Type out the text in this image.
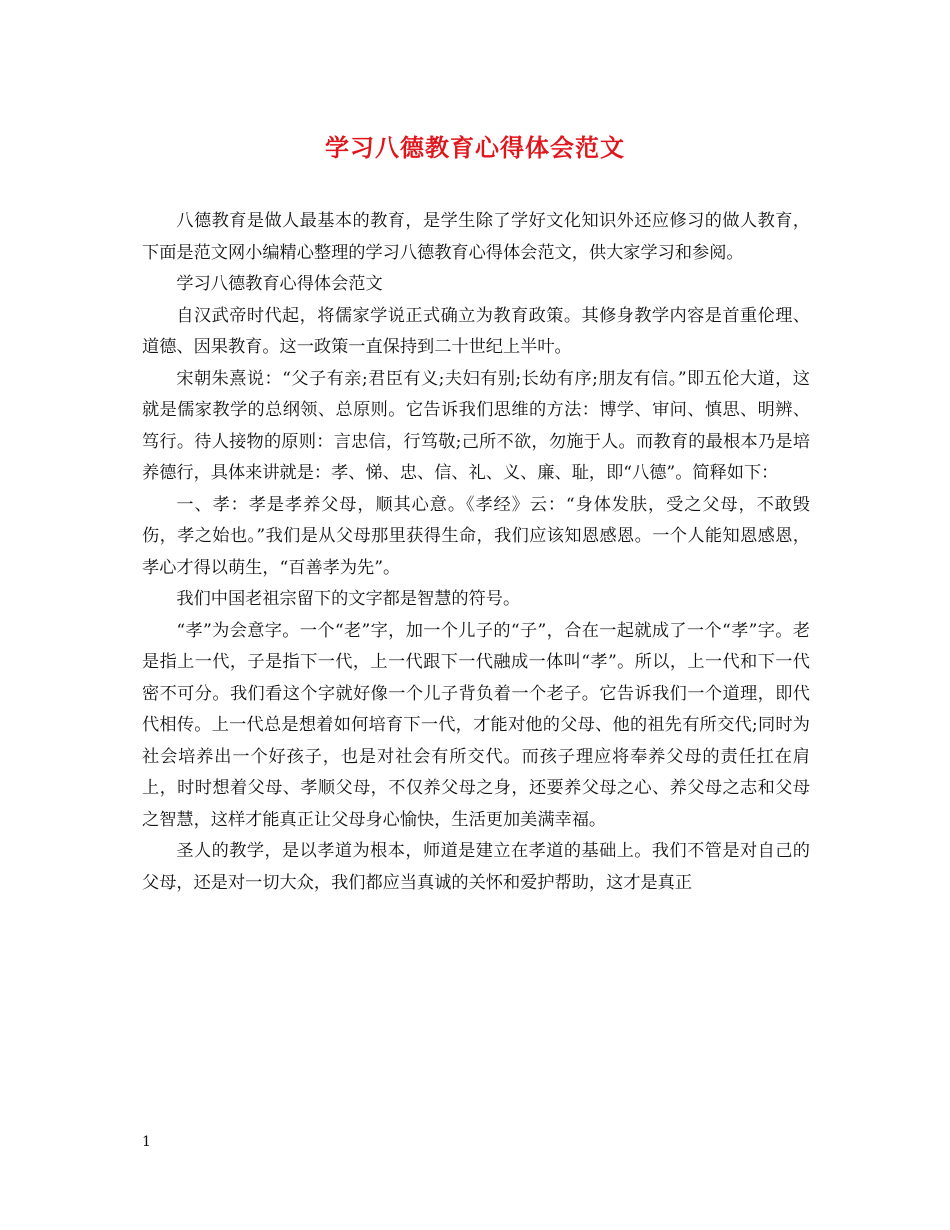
学习八德教育心得体会范文

八德教育是做人最基本的教育，是学生除了学好文化知识外还应修习的做人教育，下面是范文网小编精心整理的学习八德教育心得体会范文，供大家学习和参阅。

学习八德教育心得体会范文

自汉武帝时代起，将儒家学说正式确立为教育政策。其修身教学内容是首重伦理、道德、因果教育。这一政策一直保持到二十世纪上半叶。

宋朝朱熹说：“父子有亲;君臣有义;夫妇有别;长幼有序;朋友有信。”即五伦大道，这就是儒家教学的总纲领、总原则。它告诉我们思维的方法：博学、审问、慎思、明辨、笃行。待人接物的原则：言忠信，行笃敬;己所不欲，勿施于人。而教育的最根本乃是培养德行，具体来讲就是：孝、悌、忠、信、礼、义、廉、耻，即“八德”。简释如下：

一、孝：孝是孝养父母，顺其心意。《孝经》云：“身体发肤，受之父母，不敢毁伤，孝之始也。”我们是从父母那里获得生命，我们应该知恩感恩。一个人能知恩感恩，孝心才得以萌生，“百善孝为先”。

我们中国老祖宗留下的文字都是智慧的符号。

“孝”为会意字。一个“老”字，加一个儿子的“子”，合在一起就成了一个“孝”字。老是指上一代，子是指下一代，上一代跟下一代融成一体叫“孝”。所以，上一代和下一代密不可分。我们看这个字就好像一个儿子背负着一个老子。它告诉我们一个道理，即代代相传。上一代总是想着如何培育下一代，才能对他的父母、他的祖先有所交代;同时为社会培养出一个好孩子，也是对社会有所交代。而孩子理应将奉养父母的责任扛在肩上，时时想着父母、孝顺父母，不仅养父母之身，还要养父母之心、养父母之志和父母之智慧，这样才能真正让父母身心愉快，生活更加美满幸福。

圣人的教学，是以孝道为根本，师道是建立在孝道的基础上。我们不管是对自己的父母，还是对一切大众，我们都应当真诚的关怀和爱护帮助，这才是真正

1
